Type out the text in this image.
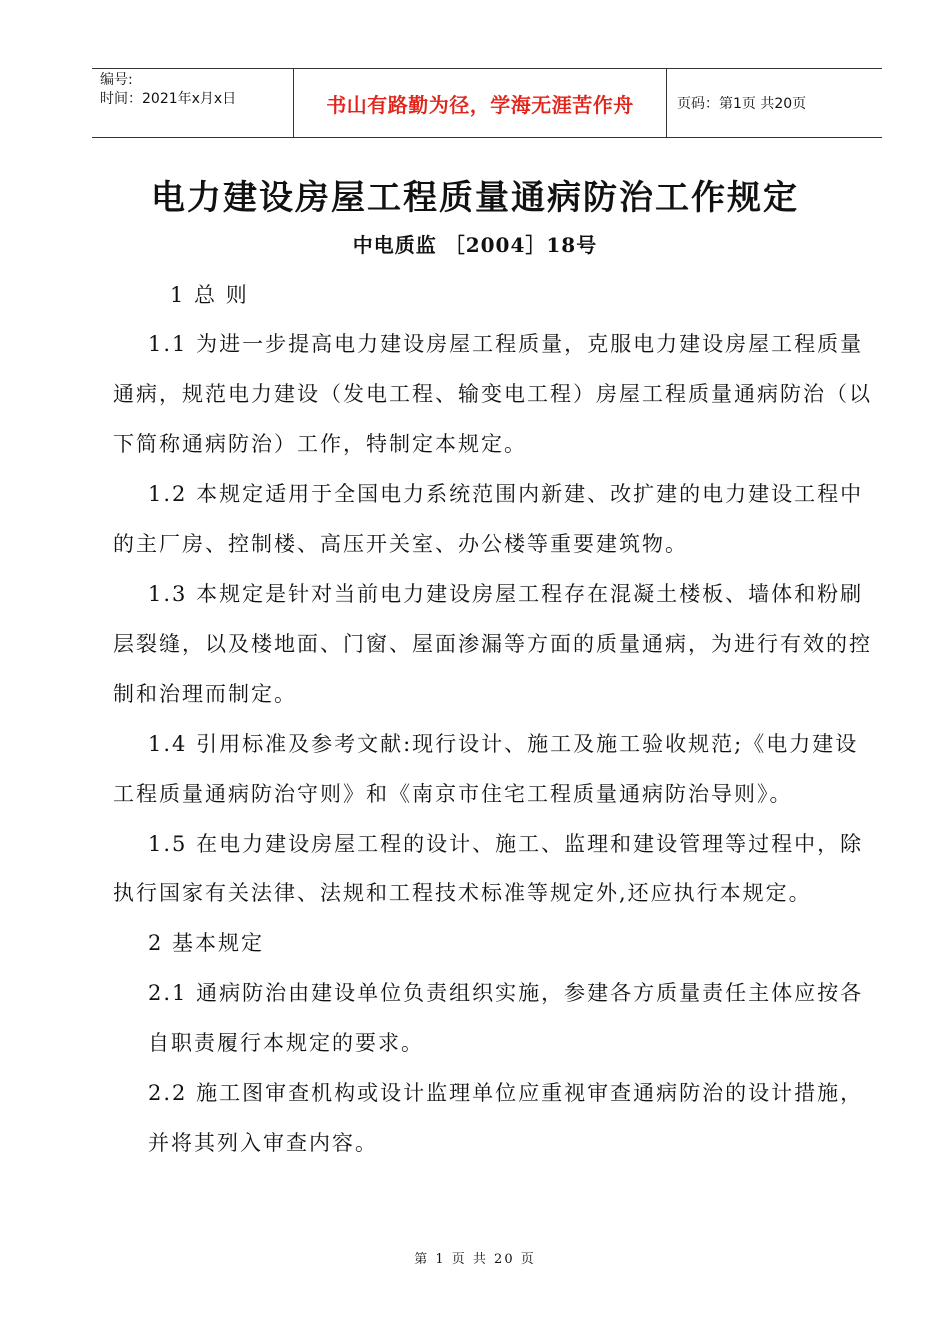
编号:
时间：2021年x月x日	书山有路勤为径，学海无涯苦作舟	页码：第1页 共20页
电力建设房屋工程质量通病防治工作规定
中电质监 ［2004］18号
1 总 则
1.1 为进一步提高电力建设房屋工程质量，克服电力建设房屋工程质量
通病，规范电力建设（发电工程、输变电工程）房屋工程质量通病防治（以
下简称通病防治）工作，特制定本规定。
1.2 本规定适用于全国电力系统范围内新建、改扩建的电力建设工程中
的主厂房、控制楼、高压开关室、办公楼等重要建筑物。
1.3 本规定是针对当前电力建设房屋工程存在混凝土楼板、墙体和粉刷
层裂缝，以及楼地面、门窗、屋面渗漏等方面的质量通病，为进行有效的控
制和治理而制定。
1.4 引用标准及参考文献:现行设计、施工及施工验收规范;《电力建设
工程质量通病防治守则》和《南京市住宅工程质量通病防治导则》。
1.5 在电力建设房屋工程的设计、施工、监理和建设管理等过程中，除
执行国家有关法律、法规和工程技术标准等规定外,还应执行本规定。
2 基本规定
2.1 通病防治由建设单位负责组织实施，参建各方质量责任主体应按各
自职责履行本规定的要求。
2.2 施工图审查机构或设计监理单位应重视审查通病防治的设计措施，
并将其列入审查内容。
第 1 页 共 20 页
